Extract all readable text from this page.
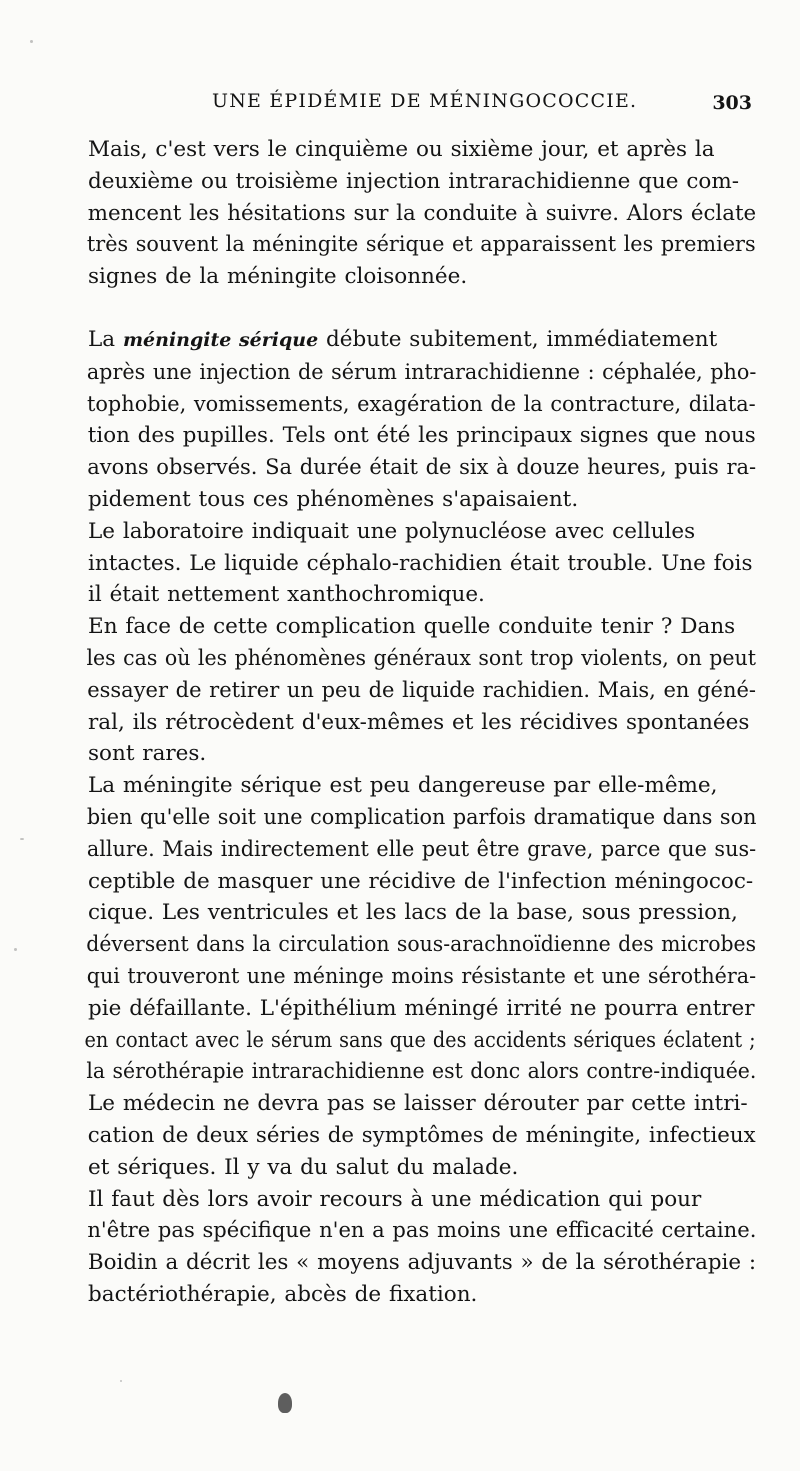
UNE ÉPIDÉMIE DE MÉNINGOCOCCIE.	303

Mais, c'est vers le cinquième ou sixième jour, et après la
deuxième ou troisième injection intrarachidienne que com-
mencent les hésitations sur la conduite à suivre. Alors éclate
très souvent la méningite sérique et apparaissent les premiers
signes de la méningite cloisonnée.

La méningite sérique débute subitement, immédiatement
après une injection de sérum intrarachidienne : céphalée, pho-
tophobie, vomissements, exagération de la contracture, dilata-
tion des pupilles. Tels ont été les principaux signes que nous
avons observés. Sa durée était de six à douze heures, puis ra-
pidement tous ces phénomènes s'apaisaient.

Le laboratoire indiquait une polynucléose avec cellules
intactes. Le liquide céphalo-rachidien était trouble. Une fois
il était nettement xanthochromique.

En face de cette complication quelle conduite tenir ? Dans
les cas où les phénomènes généraux sont trop violents, on peut
essayer de retirer un peu de liquide rachidien. Mais, en géné-
ral, ils rétrocèdent d'eux-mêmes et les récidives spontanées
sont rares.

La méningite sérique est peu dangereuse par elle-même,
bien qu'elle soit une complication parfois dramatique dans son
allure. Mais indirectement elle peut être grave, parce que sus-
ceptible de masquer une récidive de l'infection méningococ-
cique. Les ventricules et les lacs de la base, sous pression,
déversent dans la circulation sous-arachnoïdienne des microbes
qui trouveront une méninge moins résistante et une sérothéra-
pie défaillante. L'épithélium méningé irrité ne pourra entrer
en contact avec le sérum sans que des accidents sériques éclatent ;
la sérothérapie intrarachidienne est donc alors contre-indiquée.

Le médecin ne devra pas se laisser dérouter par cette intri-
cation de deux séries de symptômes de méningite, infectieux
et sériques. Il y va du salut du malade.

Il faut dès lors avoir recours à une médication qui pour
n'être pas spécifique n'en a pas moins une efficacité certaine.

Boidin a décrit les « moyens adjuvants » de la sérothérapie :
bactériothérapie, abcès de fixation.
